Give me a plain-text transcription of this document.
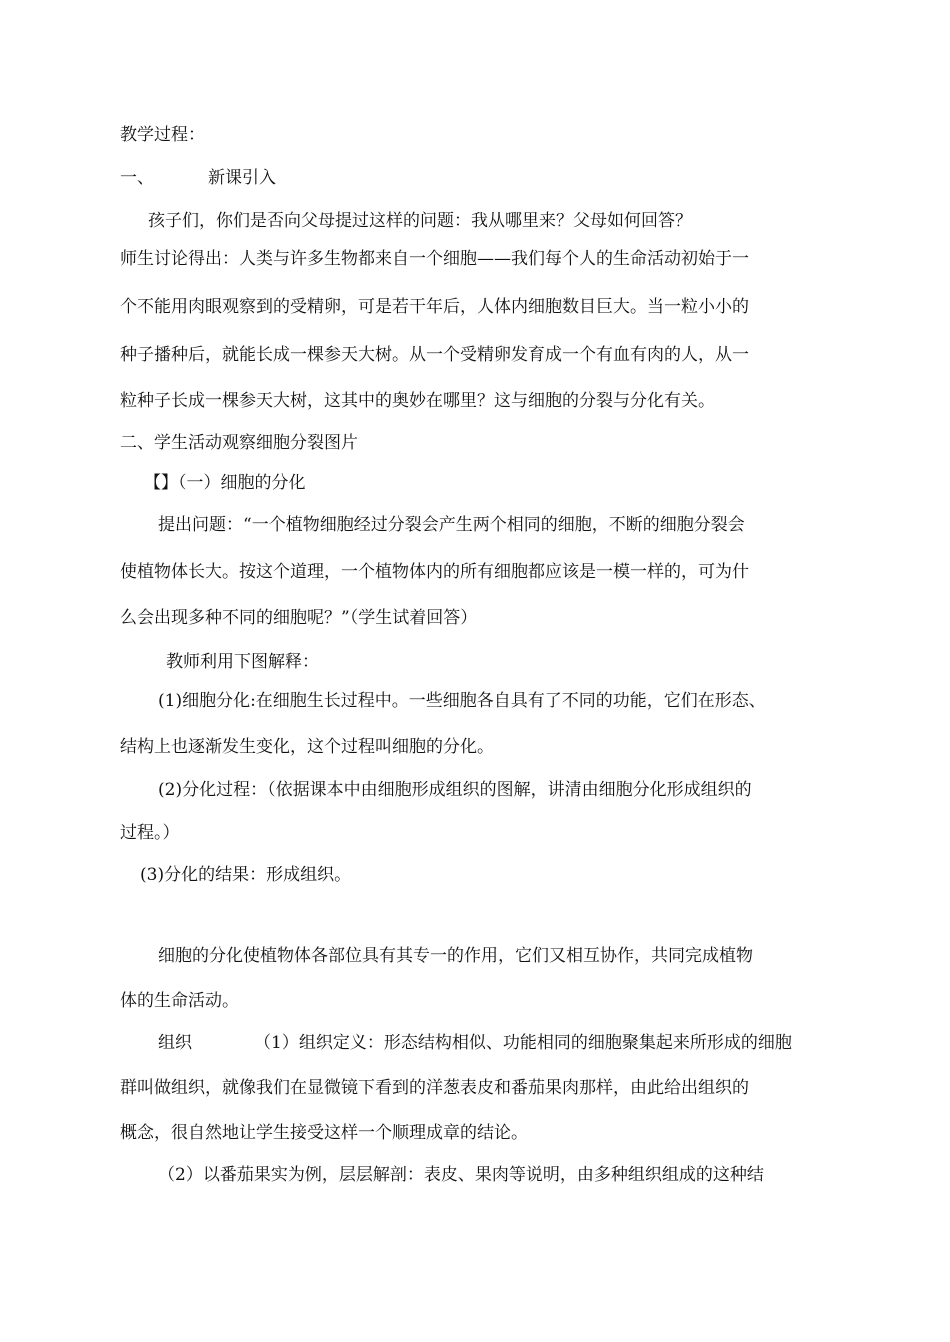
教学过程：
一、	新课引入
孩子们，你们是否向父母提过这样的问题：我从哪里来？父母如何回答？
师生讨论得出：人类与许多生物都来自一个细胞——我们每个人的生命活动初始于一
个不能用肉眼观察到的受精卵，可是若干年后，人体内细胞数目巨大。当一粒小小的
种子播种后，就能长成一棵参天大树。从一个受精卵发育成一个有血有肉的人，从一
粒种子长成一棵参天大树，这其中的奥妙在哪里？这与细胞的分裂与分化有关。
二、学生活动观察细胞分裂图片
【】（一）细胞的分化
提出问题：“一个植物细胞经过分裂会产生两个相同的细胞，不断的细胞分裂会
使植物体长大。按这个道理，一个植物体内的所有细胞都应该是一模一样的，可为什
么会出现多种不同的细胞呢？”（学生试着回答）
教师利用下图解释：
(1)细胞分化:在细胞生长过程中。一些细胞各自具有了不同的功能，它们在形态、
结构上也逐渐发生变化，这个过程叫细胞的分化。
(2)分化过程：（依据课本中由细胞形成组织的图解，讲清由细胞分化形成组织的
过程。）
(3)分化的结果：形成组织。
细胞的分化使植物体各部位具有其专一的作用，它们又相互协作，共同完成植物
体的生命活动。
组织	（1）组织定义：形态结构相似、功能相同的细胞聚集起来所形成的细胞
群叫做组织，就像我们在显微镜下看到的洋葱表皮和番茄果肉那样，由此给出组织的
概念，很自然地让学生接受这样一个顺理成章的结论。
（2）以番茄果实为例，层层解剖：表皮、果肉等说明，由多种组织组成的这种结
